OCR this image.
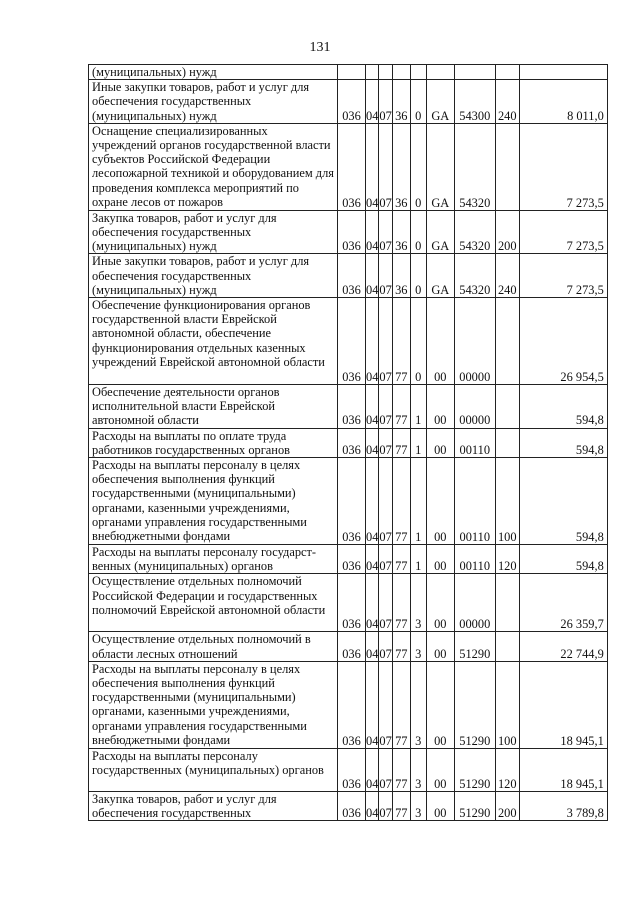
131
(муниципальных) нужд									
Иные закупки товаров, работ и услуг для обеспечения государственных (муниципальных) нужд	036	04	07	36	0	GA	54300	240	8 011,0
Оснащение специализированных учреждений органов государственной власти субъектов Российской Федерации лесопожарной техникой и оборудованием для проведения комплекса мероприятий по охране лесов от пожаров	036	04	07	36	0	GA	54320		7 273,5
Закупка товаров, работ и услуг для обеспечения государственных (муниципальных) нужд	036	04	07	36	0	GA	54320	200	7 273,5
Иные закупки товаров, работ и услуг для обеспечения государственных (муниципальных) нужд	036	04	07	36	0	GA	54320	240	7 273,5
Обеспечение функционирования органов государственной власти Еврейской автономной области, обеспечение функционирования отдельных казенных учреждений Еврейской автономной области	036	04	07	77	0	00	00000		26 954,5
Обеспечение деятельности органов исполнительной власти Еврейской автономной области	036	04	07	77	1	00	00000		594,8
Расходы на выплаты по оплате труда работников государственных органов	036	04	07	77	1	00	00110		594,8
Расходы на выплаты персоналу в целях обеспечения выполнения функций государственными (муниципальными) органами, казенными учреждениями, органами управления государственными внебюджетными фондами	036	04	07	77	1	00	00110	100	594,8
Расходы на выплаты персоналу государст-венных (муниципальных) органов	036	04	07	77	1	00	00110	120	594,8
Осуществление отдельных полномочий Российской Федерации и государственных полномочий Еврейской автономной области	036	04	07	77	3	00	00000		26 359,7
Осуществление отдельных полномочий в области лесных отношений	036	04	07	77	3	00	51290		22 744,9
Расходы на выплаты персоналу в целях обеспечения выполнения функций государственными (муниципальными) органами, казенными учреждениями, органами управления государственными внебюджетными фондами	036	04	07	77	3	00	51290	100	18 945,1
Расходы на выплаты персоналу государственных (муниципальных) органов	036	04	07	77	3	00	51290	120	18 945,1
Закупка товаров, работ и услуг для обеспечения государственных	036	04	07	77	3	00	51290	200	3 789,8
